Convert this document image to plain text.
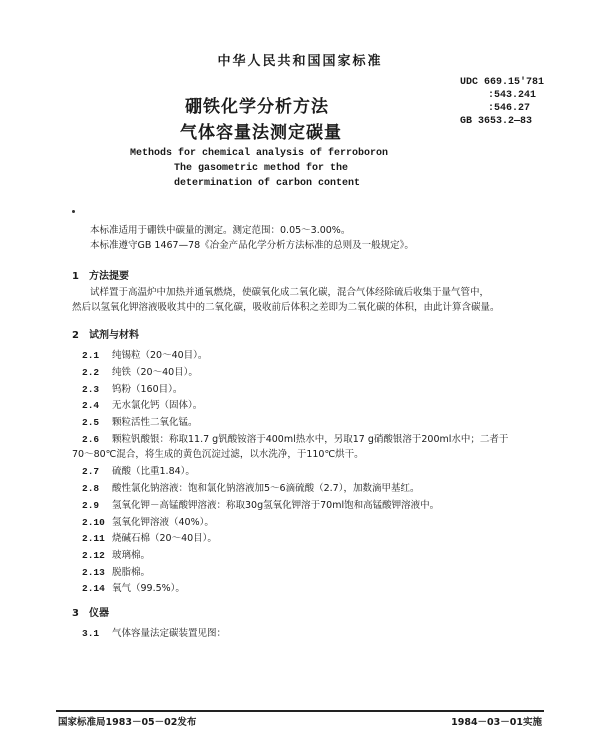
中华人民共和国国家标准
UDC 669.15'781
:543.241
:546.27
GB 3653.2—83
硼铁化学分析方法
气体容量法测定碳量
Methods for chemical analysis of ferroboron
The gasometric method for the
determination of carbon content
本标准适用于硼铁中碳量的测定。测定范围：0.05～3.00%。
本标准遵守GB 1467—78《冶金产品化学分析方法标准的总则及一般规定》。
1　方法提要
试样置于高温炉中加热并通氧燃烧，使碳氧化成二氧化碳，混合气体经除硫后收集于量气管中，
然后以氢氧化钾溶液吸收其中的二氧化碳，吸收前后体积之差即为二氧化碳的体积，由此计算含碳量。
2　试剂与材料
2.1 纯锡粒（20～40目）。
2.2 纯铁（20～40目）。
2.3 钨粉（160目）。
2.4 无水氯化钙（固体）。
2.5 颗粒活性二氧化锰。
2.6 颗粒钒酸银：称取11.7 g钒酸铵溶于400ml热水中，另取17 g硝酸银溶于200ml水中；二者于
70～80℃混合，将生成的黄色沉淀过滤，以水洗净，于110℃烘干。
2.7 硫酸（比重1.84）。
2.8 酸性氯化钠溶液：饱和氯化钠溶液加5～6滴硫酸（2.7），加数滴甲基红。
2.9 氢氧化钾－高锰酸钾溶液：称取30g氢氧化钾溶于70ml饱和高锰酸钾溶液中。
2.10 氢氧化钾溶液（40%）。
2.11 烧碱石棉（20～40目）。
2.12 玻璃棉。
2.13 脱脂棉。
2.14 氧气（99.5%）。
3　仪器
3.1 气体容量法定碳装置见图：
国家标准局1983－05－02发布	1984－03－01实施
